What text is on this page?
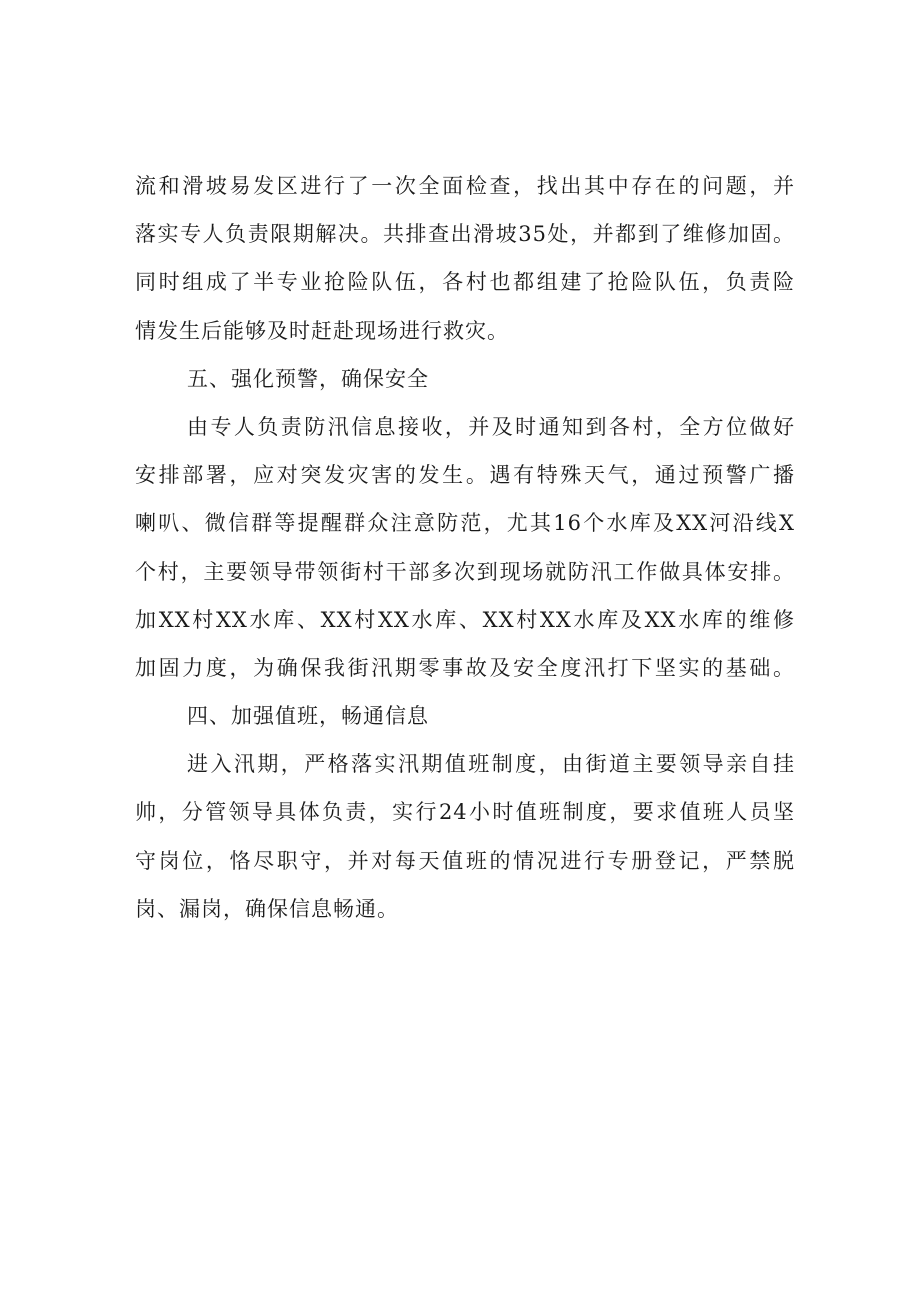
流和滑坡易发区进行了一次全面检查，找出其中存在的问题，并
落实专人负责限期解决。共排查出滑坡35处，并都到了维修加固。
同时组成了半专业抢险队伍，各村也都组建了抢险队伍，负责险
情发生后能够及时赶赴现场进行救灾。
五、强化预警，确保安全
由专人负责防汛信息接收，并及时通知到各村，全方位做好
安排部署，应对突发灾害的发生。遇有特殊天气，通过预警广播
喇叭、微信群等提醒群众注意防范，尤其16个水库及XX河沿线X
个村，主要领导带领街村干部多次到现场就防汛工作做具体安排。
加XX村XX水库、XX村XX水库、XX村XX水库及XX水库的维修
加固力度，为确保我街汛期零事故及安全度汛打下坚实的基础。
四、加强值班，畅通信息
进入汛期，严格落实汛期值班制度，由街道主要领导亲自挂
帅，分管领导具体负责，实行24小时值班制度，要求值班人员坚
守岗位，恪尽职守，并对每天值班的情况进行专册登记，严禁脱
岗、漏岗，确保信息畅通。
